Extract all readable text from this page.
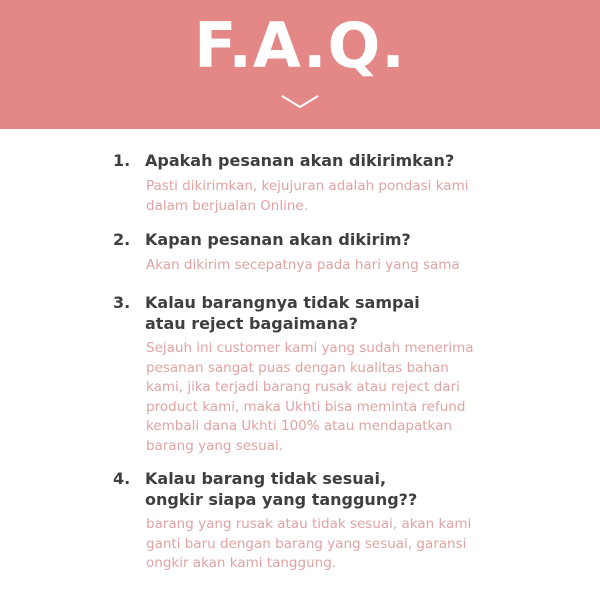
F.A.Q.
1. Apakah pesanan akan dikirimkan?

Pasti dikirimkan, kejujuran adalah pondasi kami dalam berjualan Online.

2. Kapan pesanan akan dikirim?

Akan dikirim secepatnya pada hari yang sama

3. Kalau barangnya tidak sampai atau reject bagaimana?

Sejauh ini customer kami yang sudah menerima pesanan sangat puas dengan kualitas bahan kami, jika terjadi barang rusak atau reject dari product kami, maka Ukhti bisa meminta refund kembali dana Ukhti 100% atau mendapatkan barang yang sesuai.

4. Kalau barang tidak sesuai, ongkir siapa yang tanggung??

barang yang rusak atau tidak sesuai, akan kami ganti baru dengan barang yang sesuai, garansi ongkir akan kami tanggung.
